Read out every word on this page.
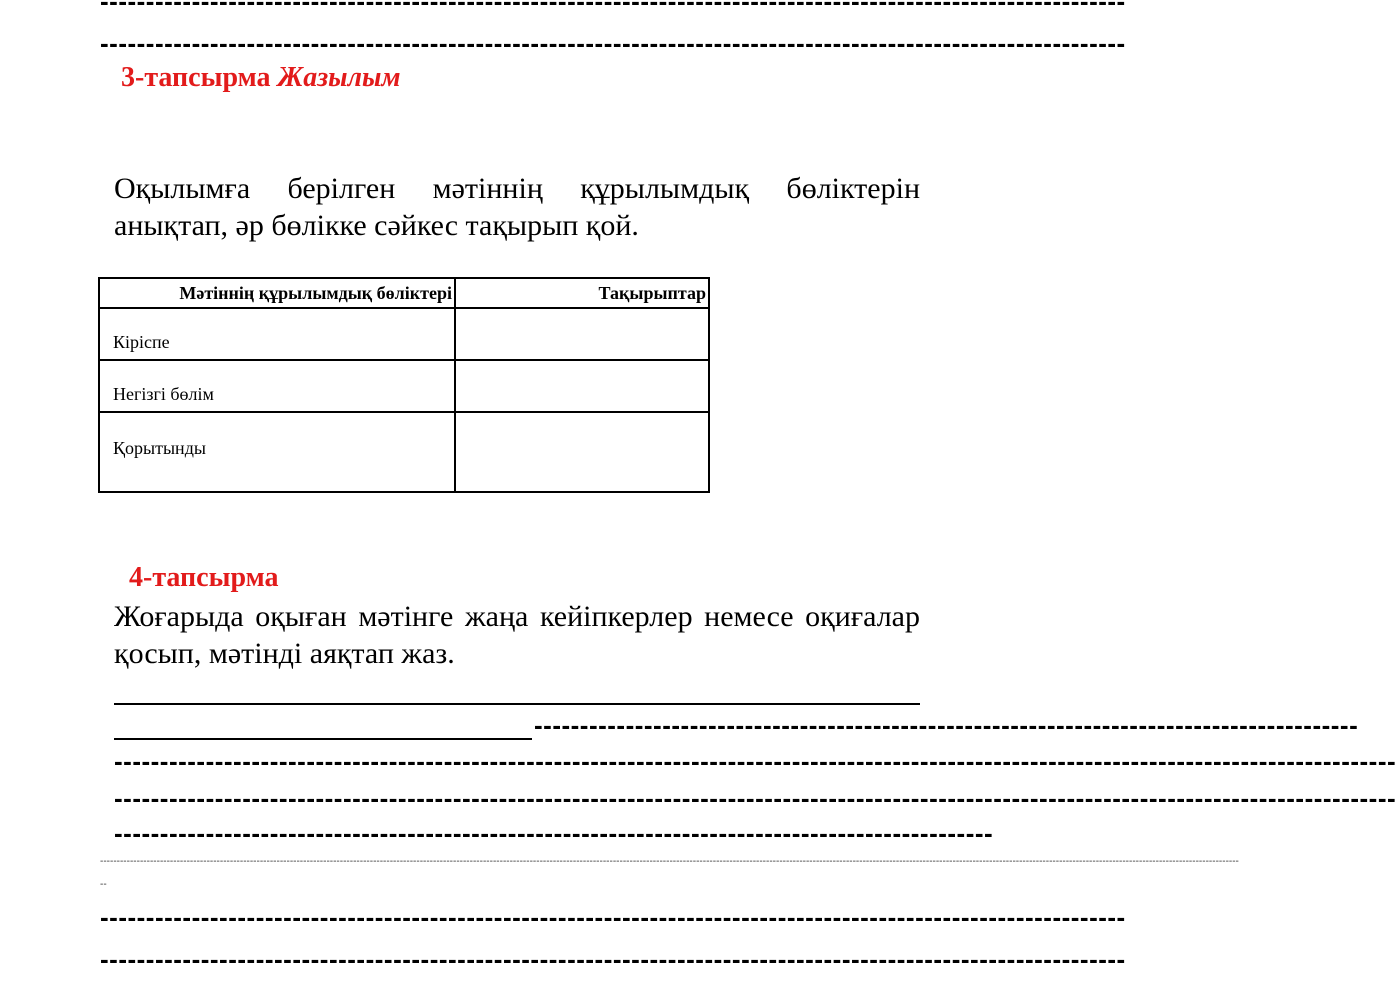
----------------------------------------------------------------------------------------------------------------
----------------------------------------------------------------------------------------------------------------
3-тапсырма Жазылым
Оқылымға берілген мәтіннің құрылымдық бөліктерін анықтап, әр бөлікке сәйкес тақырып қой.
Мәтіннің құрылымдық бөліктері	Тақырыптар
Кіріспе	
Негізгі бөлім	
Қорытынды	
4-тапсырма
Жоғарыда оқыған мәтінге жаңа кейіпкерлер немесе оқиғалар қосып, мәтінді аяқтап жаз.
------------------------------------------------------------------------------------------
--------------------------------------------------------------------------------------------------------------------------------------------
--------------------------------------------------------------------------------------------------------------------------------------------
------------------------------------------------------------------------------------------------
------------------------------------------------------------------------------------------------------------------------------------------------------------------------------------------------------------------------------------------------------------------------------------------------------------------------------------------------------
--
----------------------------------------------------------------------------------------------------------------
----------------------------------------------------------------------------------------------------------------
